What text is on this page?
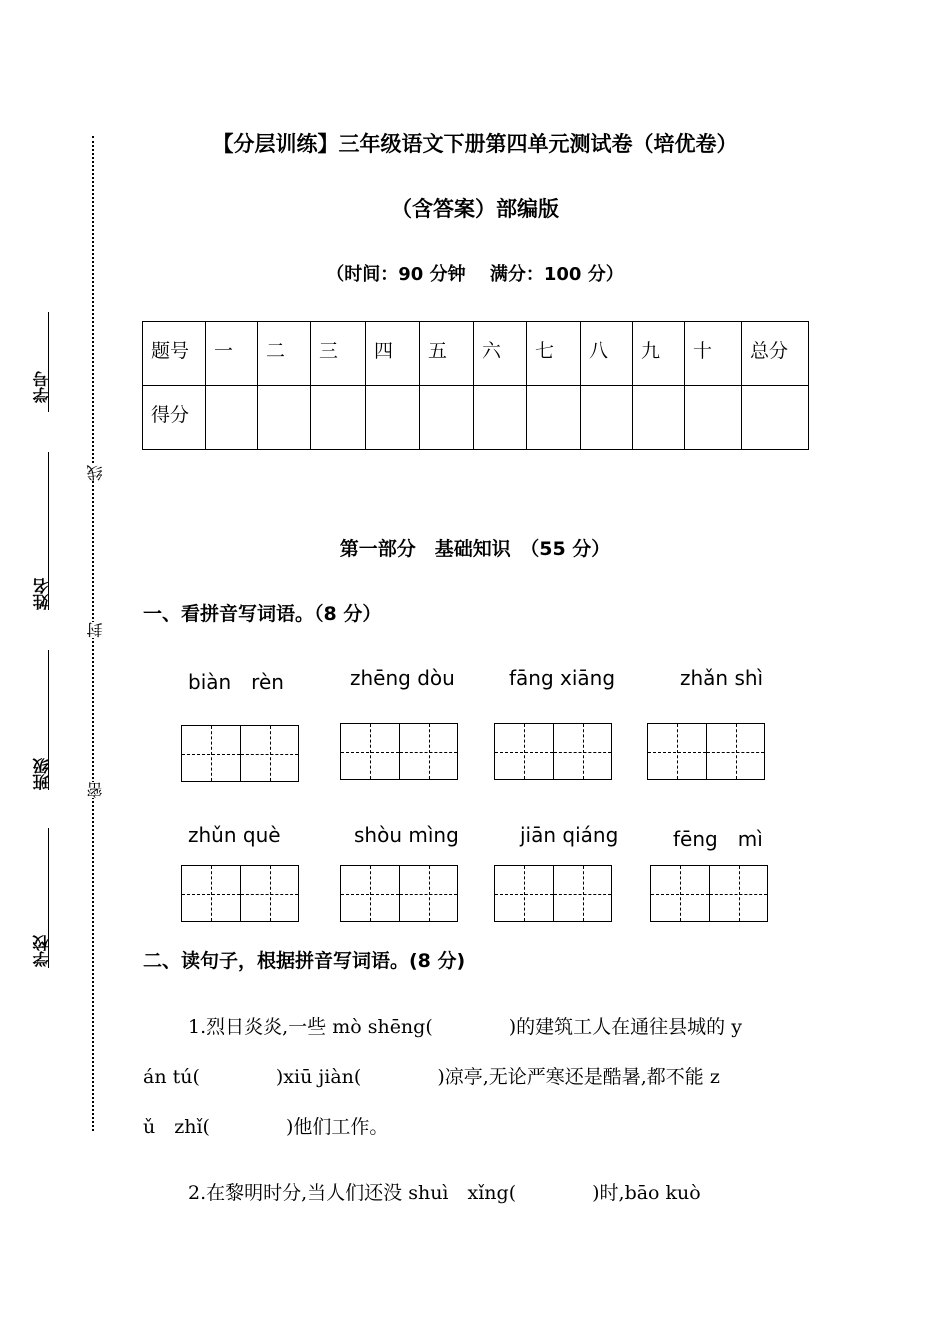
学号
姓名
班级
学校
线
封
密
【分层训练】三年级语文下册第四单元测试卷（培优卷）
（含答案）部编版
（时间：90 分钟　 满分：100 分）
题号	一	二	三	四	五	六	七	八	九	十	总分
得分											
第一部分　基础知识　（55 分）
一、看拼音写词语。（8 分）
biàn　rèn	zhēng dòu	fāng xiāng	zhǎn shì
zhǔn què	shòu mìng	jiān qiáng	fēng　mì
二、读句子，根据拼音写词语。(8 分)
1.烈日炎炎,一些 mò shēng(　　　　)的建筑工人在通往县城的 y
án tú(　　　　)xiū jiàn(　　　　)凉亭,无论严寒还是酷暑,都不能 z
ǔ　zhǐ(　　　　)他们工作。
2.在黎明时分,当人们还没 shuì　xǐng(　　　　)时,bāo kuò
